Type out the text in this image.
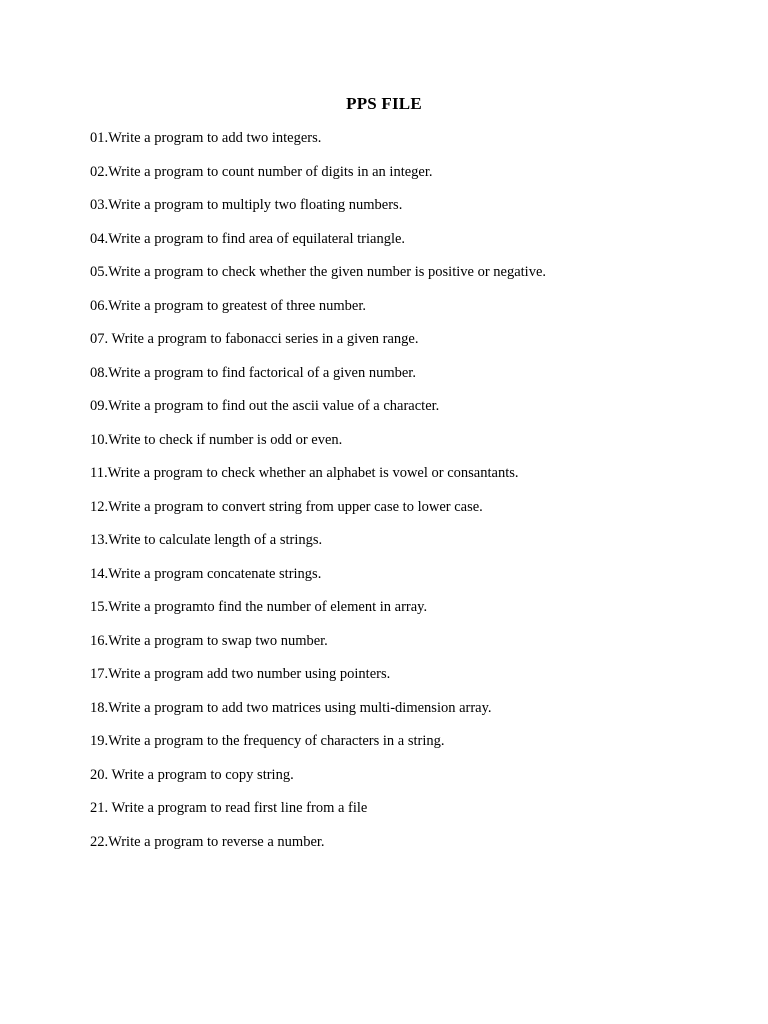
PPS FILE
01.Write a program to add two integers.
02.Write a program to count number of digits in an integer.
03.Write a program to multiply two floating numbers.
04.Write a program to find area of equilateral triangle.
05.Write a program to check whether the given number is positive or negative.
06.Write a program to greatest of three number.
07. Write a program to fabonacci series in a given range.
08.Write a program to find factorical of a given number.
09.Write a program to find out the ascii value of a character.
10.Write to check if number is odd or even.
11.Write a program to check whether an alphabet is vowel or consantants.
12.Write a program to convert string from upper case to lower case.
13.Write to calculate length of a strings.
14.Write a program concatenate strings.
15.Write a programto find the number of element in array.
16.Write a program to swap two number.
17.Write a program add two number using pointers.
18.Write a program to add two matrices using multi-dimension array.
19.Write a program to the frequency of characters in a string.
20. Write a program to copy string.
21. Write a program to read first line from a file
22.Write a program to reverse a number.
